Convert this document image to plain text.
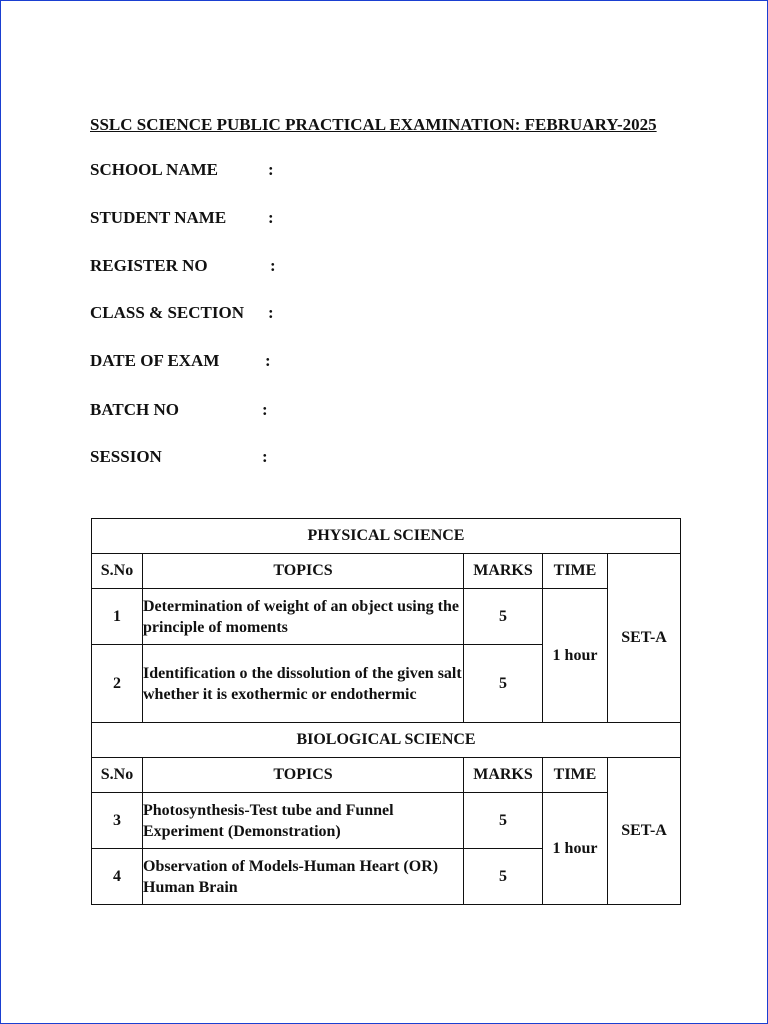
SSLC SCIENCE PUBLIC PRACTICAL EXAMINATION: FEBRUARY-2025
SCHOOL NAME	:
STUDENT NAME :
REGISTER NO	:
CLASS & SECTION :
DATE OF EXAM	:
BATCH NO	:
SESSION	:
PHYSICAL SCIENCE				
S.No	TOPICS	MARKS	TIME	SET-A
1	Determination of weight of an object using the principle of moments	5	1 hour	
2	Identification o the dissolution of the given salt whether it is exothermic or endothermic	5		
BIOLOGICAL SCIENCE				
S.No	TOPICS	MARKS	TIME	SET-A
3	Photosynthesis-Test tube and Funnel Experiment (Demonstration)	5	1 hour	
4	Observation of Models-Human Heart (OR) Human Brain	5		
